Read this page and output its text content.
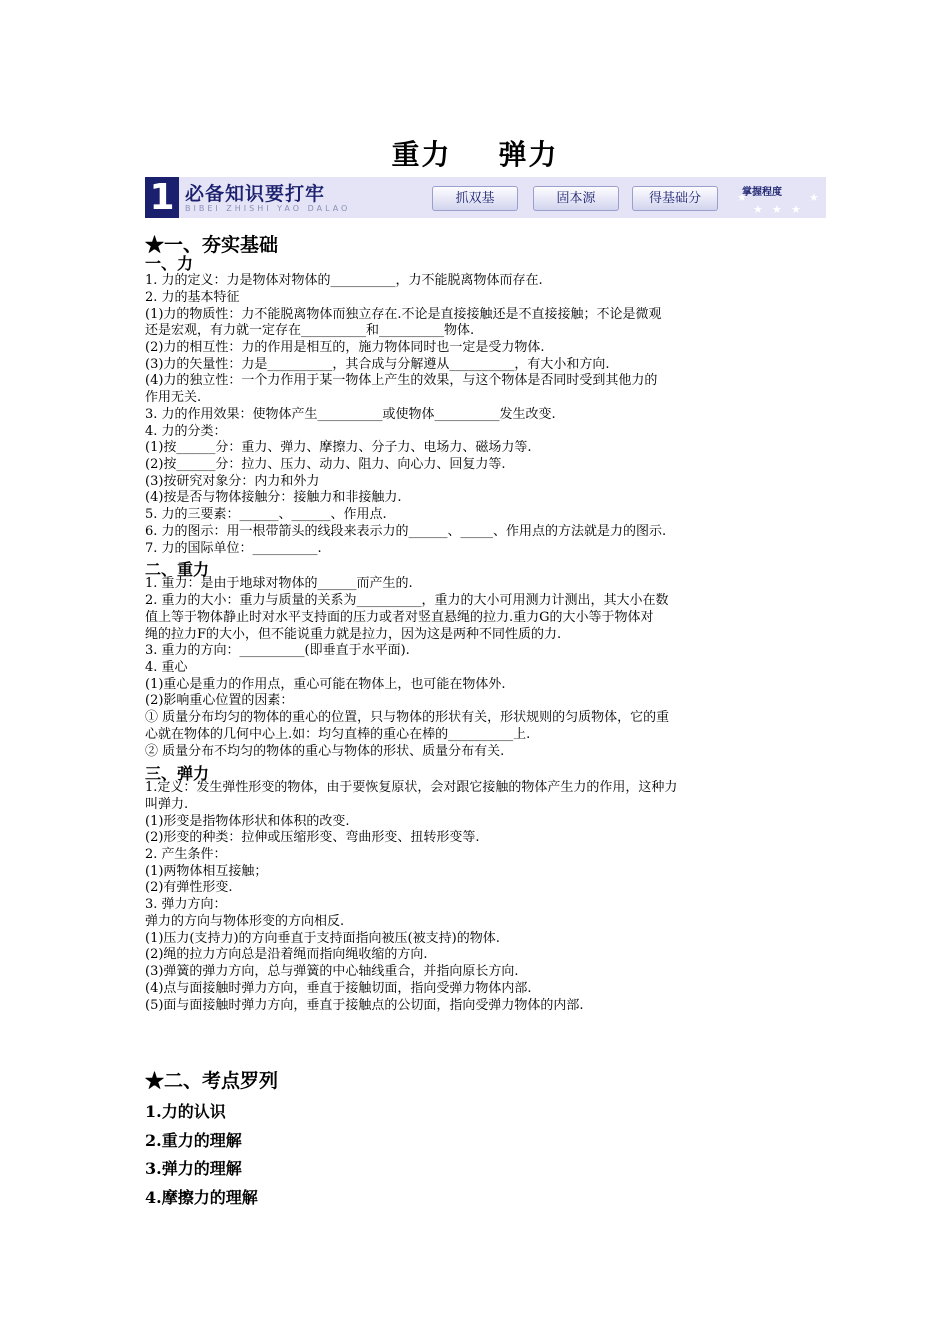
重力    弹力
1 必备知识要打牢
BIBEI ZHISHI YAO DALAO
抓双基	固本源	得基础分	掌握程度
★
★ ★ ★
★
★一、夯实基础
一、力
1. 力的定义：力是物体对物体的__________，力不能脱离物体而存在.
2. 力的基本特征
(1)力的物质性：力不能脱离物体而独立存在.不论是直接接触还是不直接接触；不论是微观
还是宏观，有力就一定存在__________和__________物体.
(2)力的相互性：力的作用是相互的，施力物体同时也一定是受力物体.
(3)力的矢量性：力是__________，其合成与分解遵从__________，有大小和方向.
(4)力的独立性：一个力作用于某一物体上产生的效果，与这个物体是否同时受到其他力的
作用无关.
3. 力的作用效果：使物体产生__________或使物体__________发生改变.
4. 力的分类：
(1)按______分：重力、弹力、摩擦力、分子力、电场力、磁场力等.
(2)按______分：拉力、压力、动力、阻力、向心力、回复力等.
(3)按研究对象分：内力和外力
(4)按是否与物体接触分：接触力和非接触力.
5. 力的三要素：______、______、作用点.
6. 力的图示：用一根带箭头的线段来表示力的______、_____、作用点的方法就是力的图示.
7. 力的国际单位：__________.
二、重力
1. 重力：是由于地球对物体的______而产生的.
2. 重力的大小：重力与质量的关系为__________，重力的大小可用测力计测出，其大小在数
值上等于物体静止时对水平支持面的压力或者对竖直悬绳的拉力.重力G的大小等于物体对
绳的拉力F的大小，但不能说重力就是拉力，因为这是两种不同性质的力.
3. 重力的方向：__________(即垂直于水平面).
4. 重心
(1)重心是重力的作用点，重心可能在物体上，也可能在物体外.
(2)影响重心位置的因素：
① 质量分布均匀的物体的重心的位置，只与物体的形状有关，形状规则的匀质物体，它的重
心就在物体的几何中心上.如：均匀直棒的重心在棒的__________上.
② 质量分布不均匀的物体的重心与物体的形状、质量分布有关.
三、弹力
1.定义：发生弹性形变的物体，由于要恢复原状，会对跟它接触的物体产生力的作用，这种力
叫弹力.
(1)形变是指物体形状和体积的改变.
(2)形变的种类：拉伸或压缩形变、弯曲形变、扭转形变等.
2. 产生条件：
(1)两物体相互接触；
(2)有弹性形变.
3. 弹力方向：
弹力的方向与物体形变的方向相反.
(1)压力(支持力)的方向垂直于支持面指向被压(被支持)的物体.
(2)绳的拉力方向总是沿着绳而指向绳收缩的方向.
(3)弹簧的弹力方向，总与弹簧的中心轴线重合，并指向原长方向.
(4)点与面接触时弹力方向，垂直于接触切面，指向受弹力物体内部.
(5)面与面接触时弹力方向，垂直于接触点的公切面，指向受弹力物体的内部.
★二、考点罗列
1.力的认识
2.重力的理解
3.弹力的理解
4.摩擦力的理解
